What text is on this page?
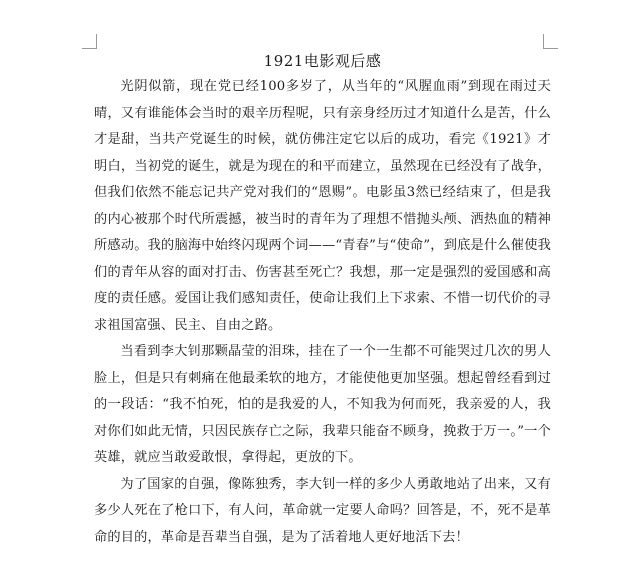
1921电影观后感

光阴似箭，现在党已经100多岁了，从当年的“风腥血雨”到现在雨过天晴，又有谁能体会当时的艰辛历程呢，只有亲身经历过才知道什么是苦，什么才是甜，当共产党诞生的时候，就仿佛注定它以后的成功，看完《1921》才明白，当初党的诞生，就是为现在的和平而建立，虽然现在已经没有了战争，但我们依然不能忘记共产党对我们的“恩赐”。电影虽3然已经结束了，但是我的内心被那个时代所震撼，被当时的青年为了理想不惜抛头颅、洒热血的精神所感动。我的脑海中始终闪现两个词——“青春”与“使命”，到底是什么催使我们的青年从容的面对打击、伤害甚至死亡？我想，那一定是强烈的爱国感和高度的责任感。爱国让我们感知责任，使命让我们上下求索、不惜一切代价的寻求祖国富强、民主、自由之路。

当看到李大钊那颗晶莹的泪珠，挂在了一个一生都不可能哭过几次的男人脸上，但是只有刺痛在他最柔软的地方，才能使他更加坚强。想起曾经看到过的一段话：“我不怕死，怕的是我爱的人，不知我为何而死，我亲爱的人，我对你们如此无情，只因民族存亡之际，我辈只能奋不顾身，挽救于万一。”一个英雄，就应当敢爱敢恨，拿得起，更放的下。

为了国家的自强，像陈独秀，李大钊一样的多少人勇敢地站了出来，又有多少人死在了枪口下，有人问，革命就一定要人命吗？回答是，不，死不是革命的目的，革命是吾辈当自强，是为了活着地人更好地活下去！
